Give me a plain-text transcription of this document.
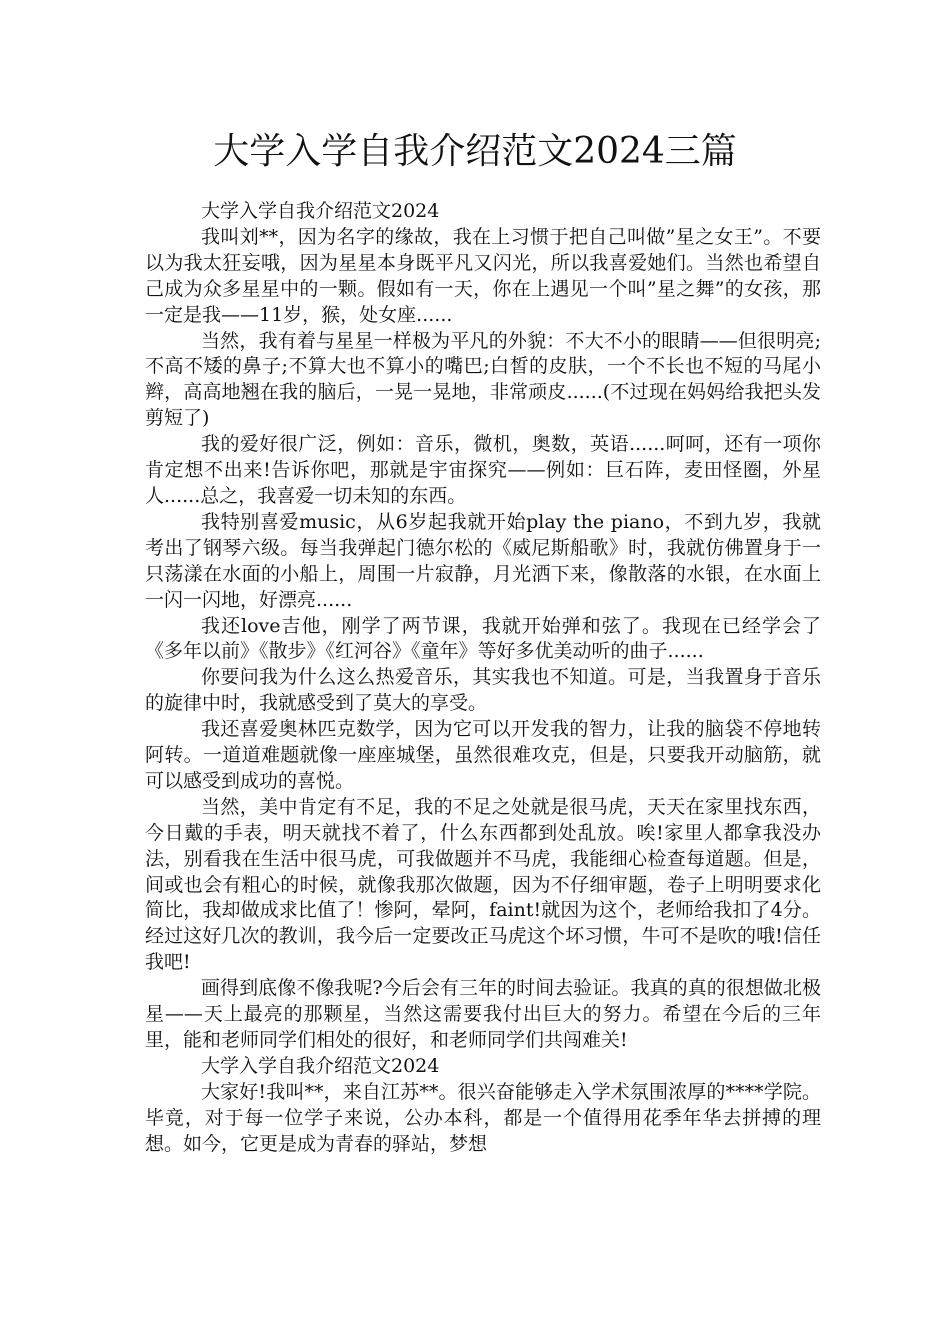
大学入学自我介绍范文2024三篇
大学入学自我介绍范文2024

我叫刘**，因为名字的缘故，我在上习惯于把自己叫做”星之女王”。不要以为我太狂妄哦，因为星星本身既平凡又闪光，所以我喜爱她们。当然也希望自己成为众多星星中的一颗。假如有一天，你在上遇见一个叫”星之舞”的女孩，那一定是我——11岁，猴，处女座......

当然，我有着与星星一样极为平凡的外貌：不大不小的眼睛——但很明亮;不高不矮的鼻子;不算大也不算小的嘴巴;白皙的皮肤，一个不长也不短的马尾小辫，高高地翘在我的脑后，一晃一晃地，非常顽皮......(不过现在妈妈给我把头发剪短了)

我的爱好很广泛，例如：音乐，微机，奥数，英语......呵呵，还有一项你肯定想不出来!告诉你吧，那就是宇宙探究——例如：巨石阵，麦田怪圈，外星人......总之，我喜爱一切未知的东西。

我特别喜爱music，从6岁起我就开始play the piano，不到九岁，我就考出了钢琴六级。每当我弹起门德尔松的《威尼斯船歌》时，我就仿佛置身于一只荡漾在水面的小船上，周围一片寂静，月光洒下来，像散落的水银，在水面上一闪一闪地，好漂亮......

我还love吉他，刚学了两节课，我就开始弹和弦了。我现在已经学会了《多年以前》《散步》《红河谷》《童年》等好多优美动听的曲子......

你要问我为什么这么热爱音乐，其实我也不知道。可是，当我置身于音乐的旋律中时，我就感受到了莫大的享受。

我还喜爱奥林匹克数学，因为它可以开发我的智力，让我的脑袋不停地转阿转。一道道难题就像一座座城堡，虽然很难攻克，但是，只要我开动脑筋，就可以感受到成功的喜悦。

当然，美中肯定有不足，我的不足之处就是很马虎，天天在家里找东西，今日戴的手表，明天就找不着了，什么东西都到处乱放。唉!家里人都拿我没办法，别看我在生活中很马虎，可我做题并不马虎，我能细心检查每道题。但是，间或也会有粗心的时候，就像我那次做题，因为不仔细审题，卷子上明明要求化简比，我却做成求比值了！惨阿，晕阿，faint!就因为这个，老师给我扣了4分。经过这好几次的教训，我今后一定要改正马虎这个坏习惯，牛可不是吹的哦!信任我吧!

画得到底像不像我呢?今后会有三年的时间去验证。我真的真的很想做北极星——天上最亮的那颗星，当然这需要我付出巨大的努力。希望在今后的三年里，能和老师同学们相处的很好，和老师同学们共闯难关!

大学入学自我介绍范文2024

大家好!我叫**，来自江苏**。很兴奋能够走入学术氛围浓厚的****学院。毕竟，对于每一位学子来说，公办本科，都是一个值得用花季年华去拼搏的理想。如今，它更是成为青春的驿站，梦想
